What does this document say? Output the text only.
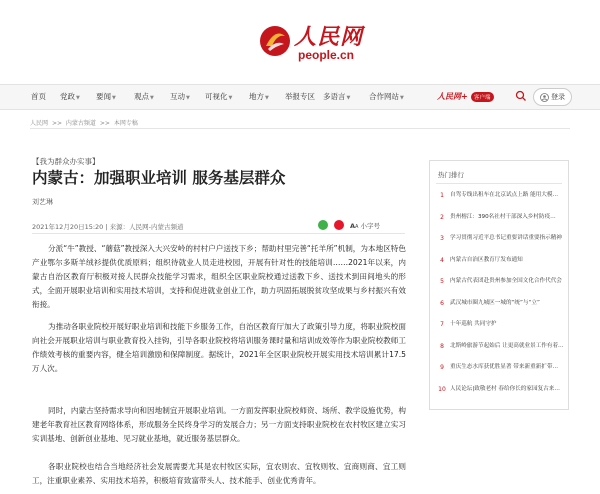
人民网
people.cn
首页 党政▼ 要闻▼ 观点▼ 互动▼ 可视化▼ 地方▼ 举报专区 多语言▼ 合作网站▼	人民网+	客户端	登录
人民网 >> 内蒙古频道 >> 本网专稿
【我为群众办实事】
内蒙古：加强职业培训 服务基层群众
刘艺琳
2021年12月20日15:20 | 来源：人民网-内蒙古频道	AA 小字号

分派“牛”教授、“蘑菇”教授深入大兴安岭的村村户户送技下乡；帮助村里完善“托羊所”机制，为本地区特色产业鄂尔多斯羊绒衫提供优质原料；组织待就业人员走进校园，开展有针对性的技能培训……2021年以来，内蒙古自治区教育厅积极对接人民群众技能学习需求，组织全区职业院校通过送教下乡、送技术到田间地头的形式，全面开展职业培训和实用技术培训，支持和促进就业创业工作，助力巩固拓展脱贫攻坚成果与乡村振兴有效衔接。

为推动各职业院校开展好职业培训和技能下乡服务工作，自治区教育厅加大了政策引导力度，将职业院校面向社会开展职业培训与职业教育投入挂钩，引导各职业院校将培训服务课时量和培训成效等作为职业院校教师工作绩效考核的重要内容，健全培训激励和保障制度。据统计，2021年全区职业院校开展实用技术培训累计17.5万人次。

同时，内蒙古坚持需求导向和因地制宜开展职业培训。一方面发挥职业院校师资、场所、教学设施优势，构建老年教育社区教育网络体系，形成服务全民终身学习的发展合力；另一方面支持职业院校在农村牧区建立实习实训基地、创新创业基地、见习就业基地，就近服务基层群众。

各职业院校也结合当地经济社会发展需要尤其是农村牧区实际，宜农则农、宜牧则牧、宜商则商、宜工则工，注重职业素养、实用技术培养，积极培育致富带头人、技术能手、创业优秀青年。

热门排行
1	自驾专线出租车在北京试点上路 能用大模…
2	贵州榕江：390名社村干部深入乡村防疫…
3	学习贯彻习近平总书记重要讲话重要指示精神
4	内蒙古自治区教育厅发布通知
5	内蒙古代表团赴贵州参加全国文化合作代代会
6	武汉城市圈九城区一城的“统”与“立”
7	十年巡航 共同守护
8	北斯岭旅游节起始后 让更高就业景工作有着…
9	重庆生态水库获优胜显著 带来新重新扩带…
10 人民论坛|致敬老村 春给你长的家园复古来…
